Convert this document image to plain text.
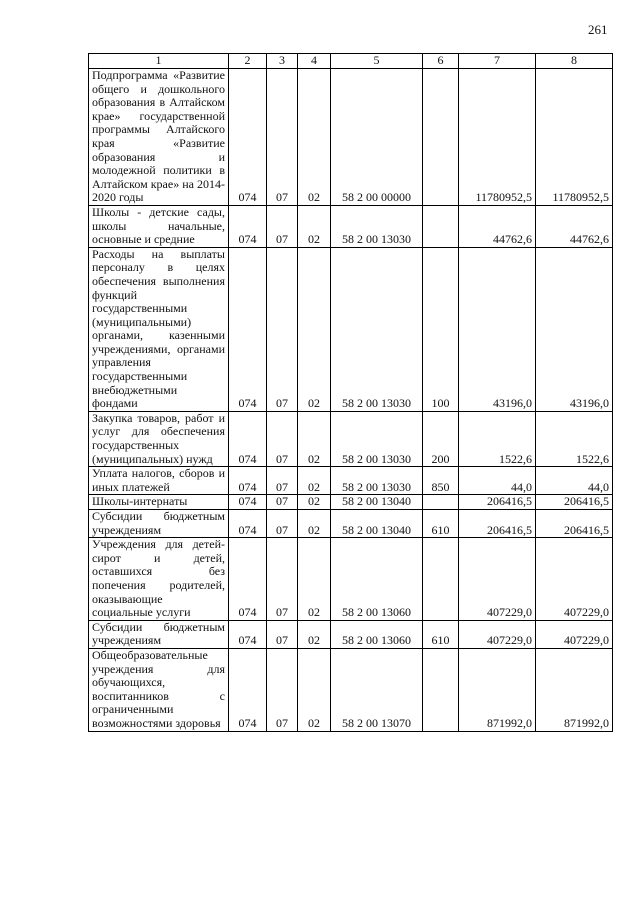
261
1	2	3	4	5	6	7	8
Подпрограмма «Развитие общего и дошкольного образования в Алтайском крае» государственной программы Алтайского края «Развитие образования и молодежной политики в Алтайском крае» на 2014-2020 годы	074	07	02	58 2 00 00000		11780952,5	11780952,5
Школы - детские сады, школы начальные, основные и средние	074	07	02	58 2 00 13030		44762,6	44762,6
Расходы на выплаты персоналу в целях обеспечения выполнения функций государственными (муниципальными) органами, казенными учреждениями, органами управления государственными внебюджетными фондами	074	07	02	58 2 00 13030	100	43196,0	43196,0
Закупка товаров, работ и услуг для обеспечения государственных (муниципальных) нужд	074	07	02	58 2 00 13030	200	1522,6	1522,6
Уплата налогов, сборов и иных платежей	074	07	02	58 2 00 13030	850	44,0	44,0
Школы-интернаты	074	07	02	58 2 00 13040		206416,5	206416,5
Субсидии бюджетным учреждениям	074	07	02	58 2 00 13040	610	206416,5	206416,5
Учреждения для детей-сирот и детей, оставшихся без попечения родителей, оказывающие социальные услуги	074	07	02	58 2 00 13060		407229,0	407229,0
Субсидии бюджетным учреждениям	074	07	02	58 2 00 13060	610	407229,0	407229,0
Общеобразовательные учреждения для обучающихся, воспитанников с ограниченными возможностями здоровья	074	07	02	58 2 00 13070		871992,0	871992,0
